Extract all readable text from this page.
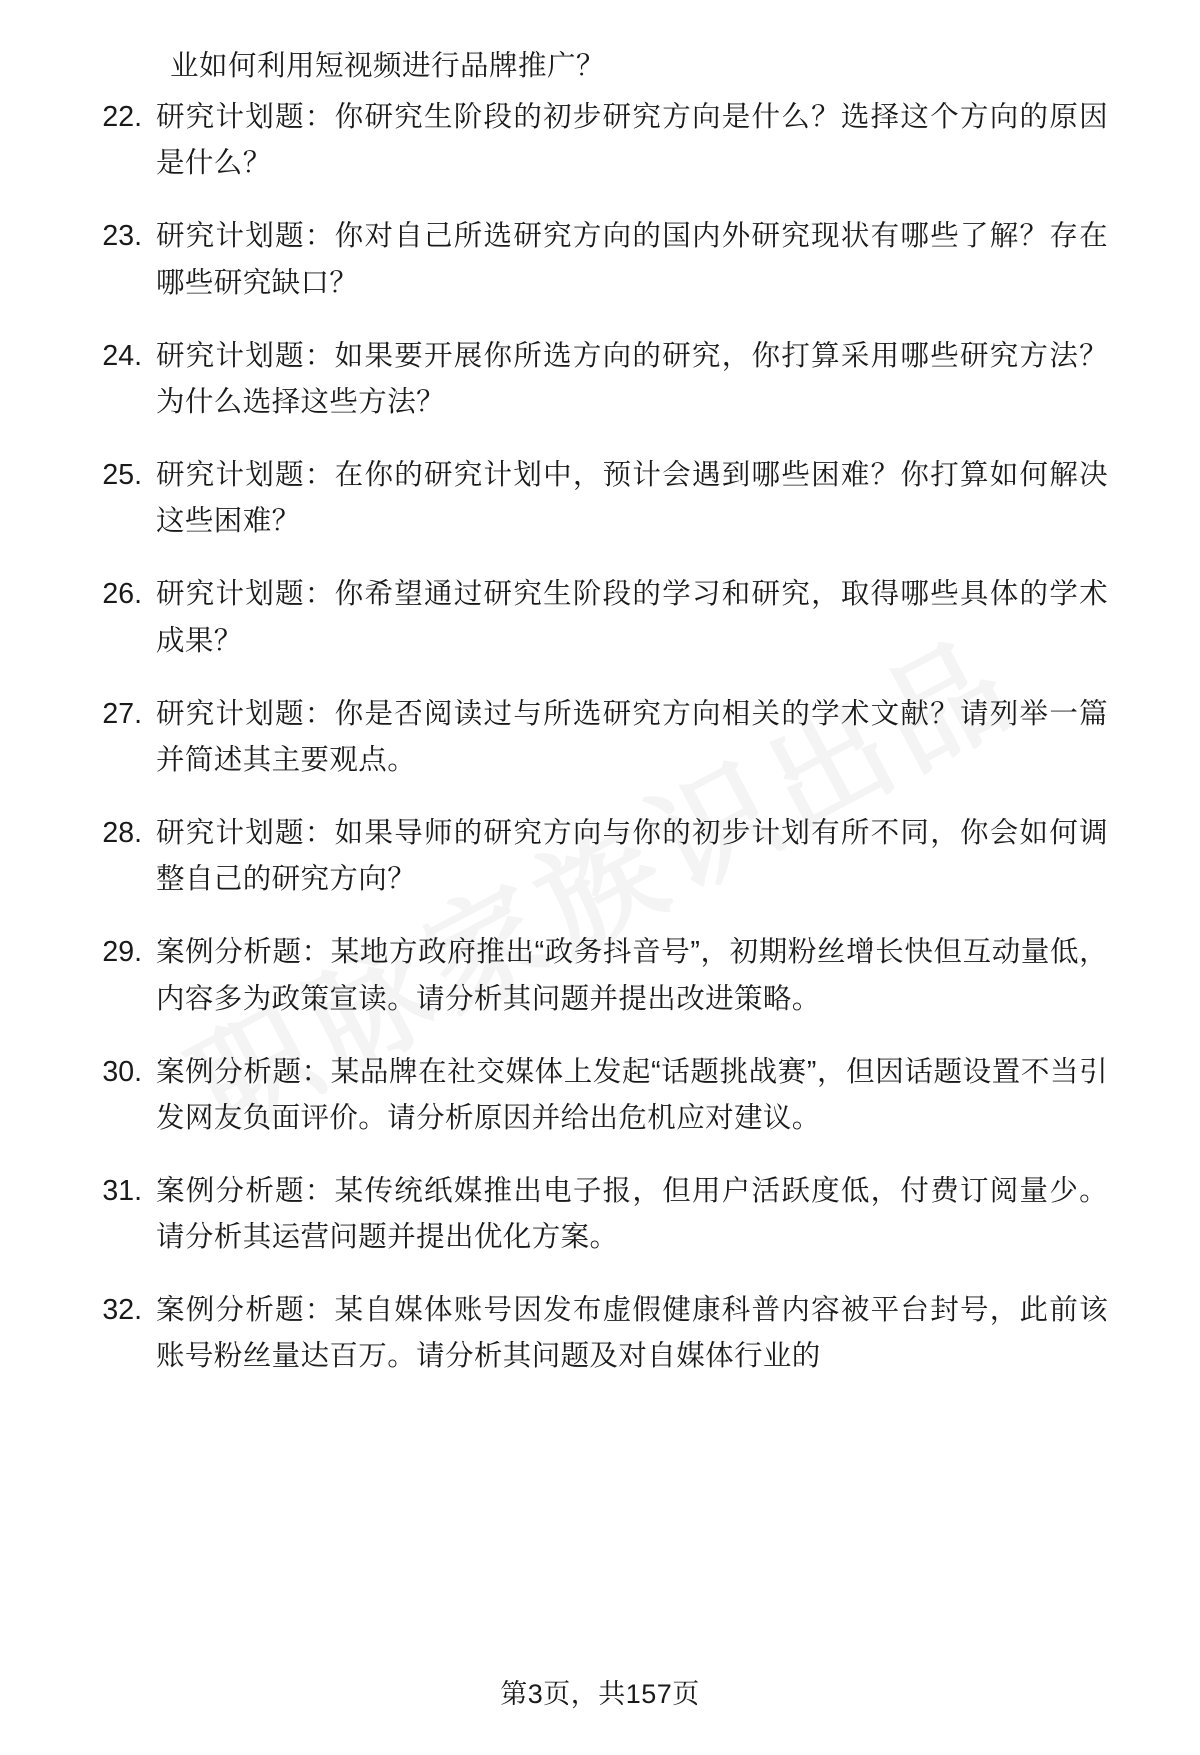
业如何利用短视频进行品牌推广？

22. 研究计划题：你研究生阶段的初步研究方向是什么？选择这个方向的原因是什么？
23. 研究计划题：你对自己所选研究方向的国内外研究现状有哪些了解？存在哪些研究缺口？
24. 研究计划题：如果要开展你所选方向的研究，你打算采用哪些研究方法？为什么选择这些方法？
25. 研究计划题：在你的研究计划中，预计会遇到哪些困难？你打算如何解决这些困难？
26. 研究计划题：你希望通过研究生阶段的学习和研究，取得哪些具体的学术成果？
27. 研究计划题：你是否阅读过与所选研究方向相关的学术文献？请列举一篇并简述其主要观点。
28. 研究计划题：如果导师的研究方向与你的初步计划有所不同，你会如何调整自己的研究方向？
29. 案例分析题：某地方政府推出“政务抖音号”，初期粉丝增长快但互动量低，内容多为政策宣读。请分析其问题并提出改进策略。
30. 案例分析题：某品牌在社交媒体上发起“话题挑战赛”，但因话题设置不当引发网友负面评价。请分析原因并给出危机应对建议。
31. 案例分析题：某传统纸媒推出电子报，但用户活跃度低，付费订阅量少。请分析其运营问题并提出优化方案。
32. 案例分析题：某自媒体账号因发布虚假健康科普内容被平台封号，此前该账号粉丝量达百万。请分析其问题及对自媒体行业的
第3页，共157页
